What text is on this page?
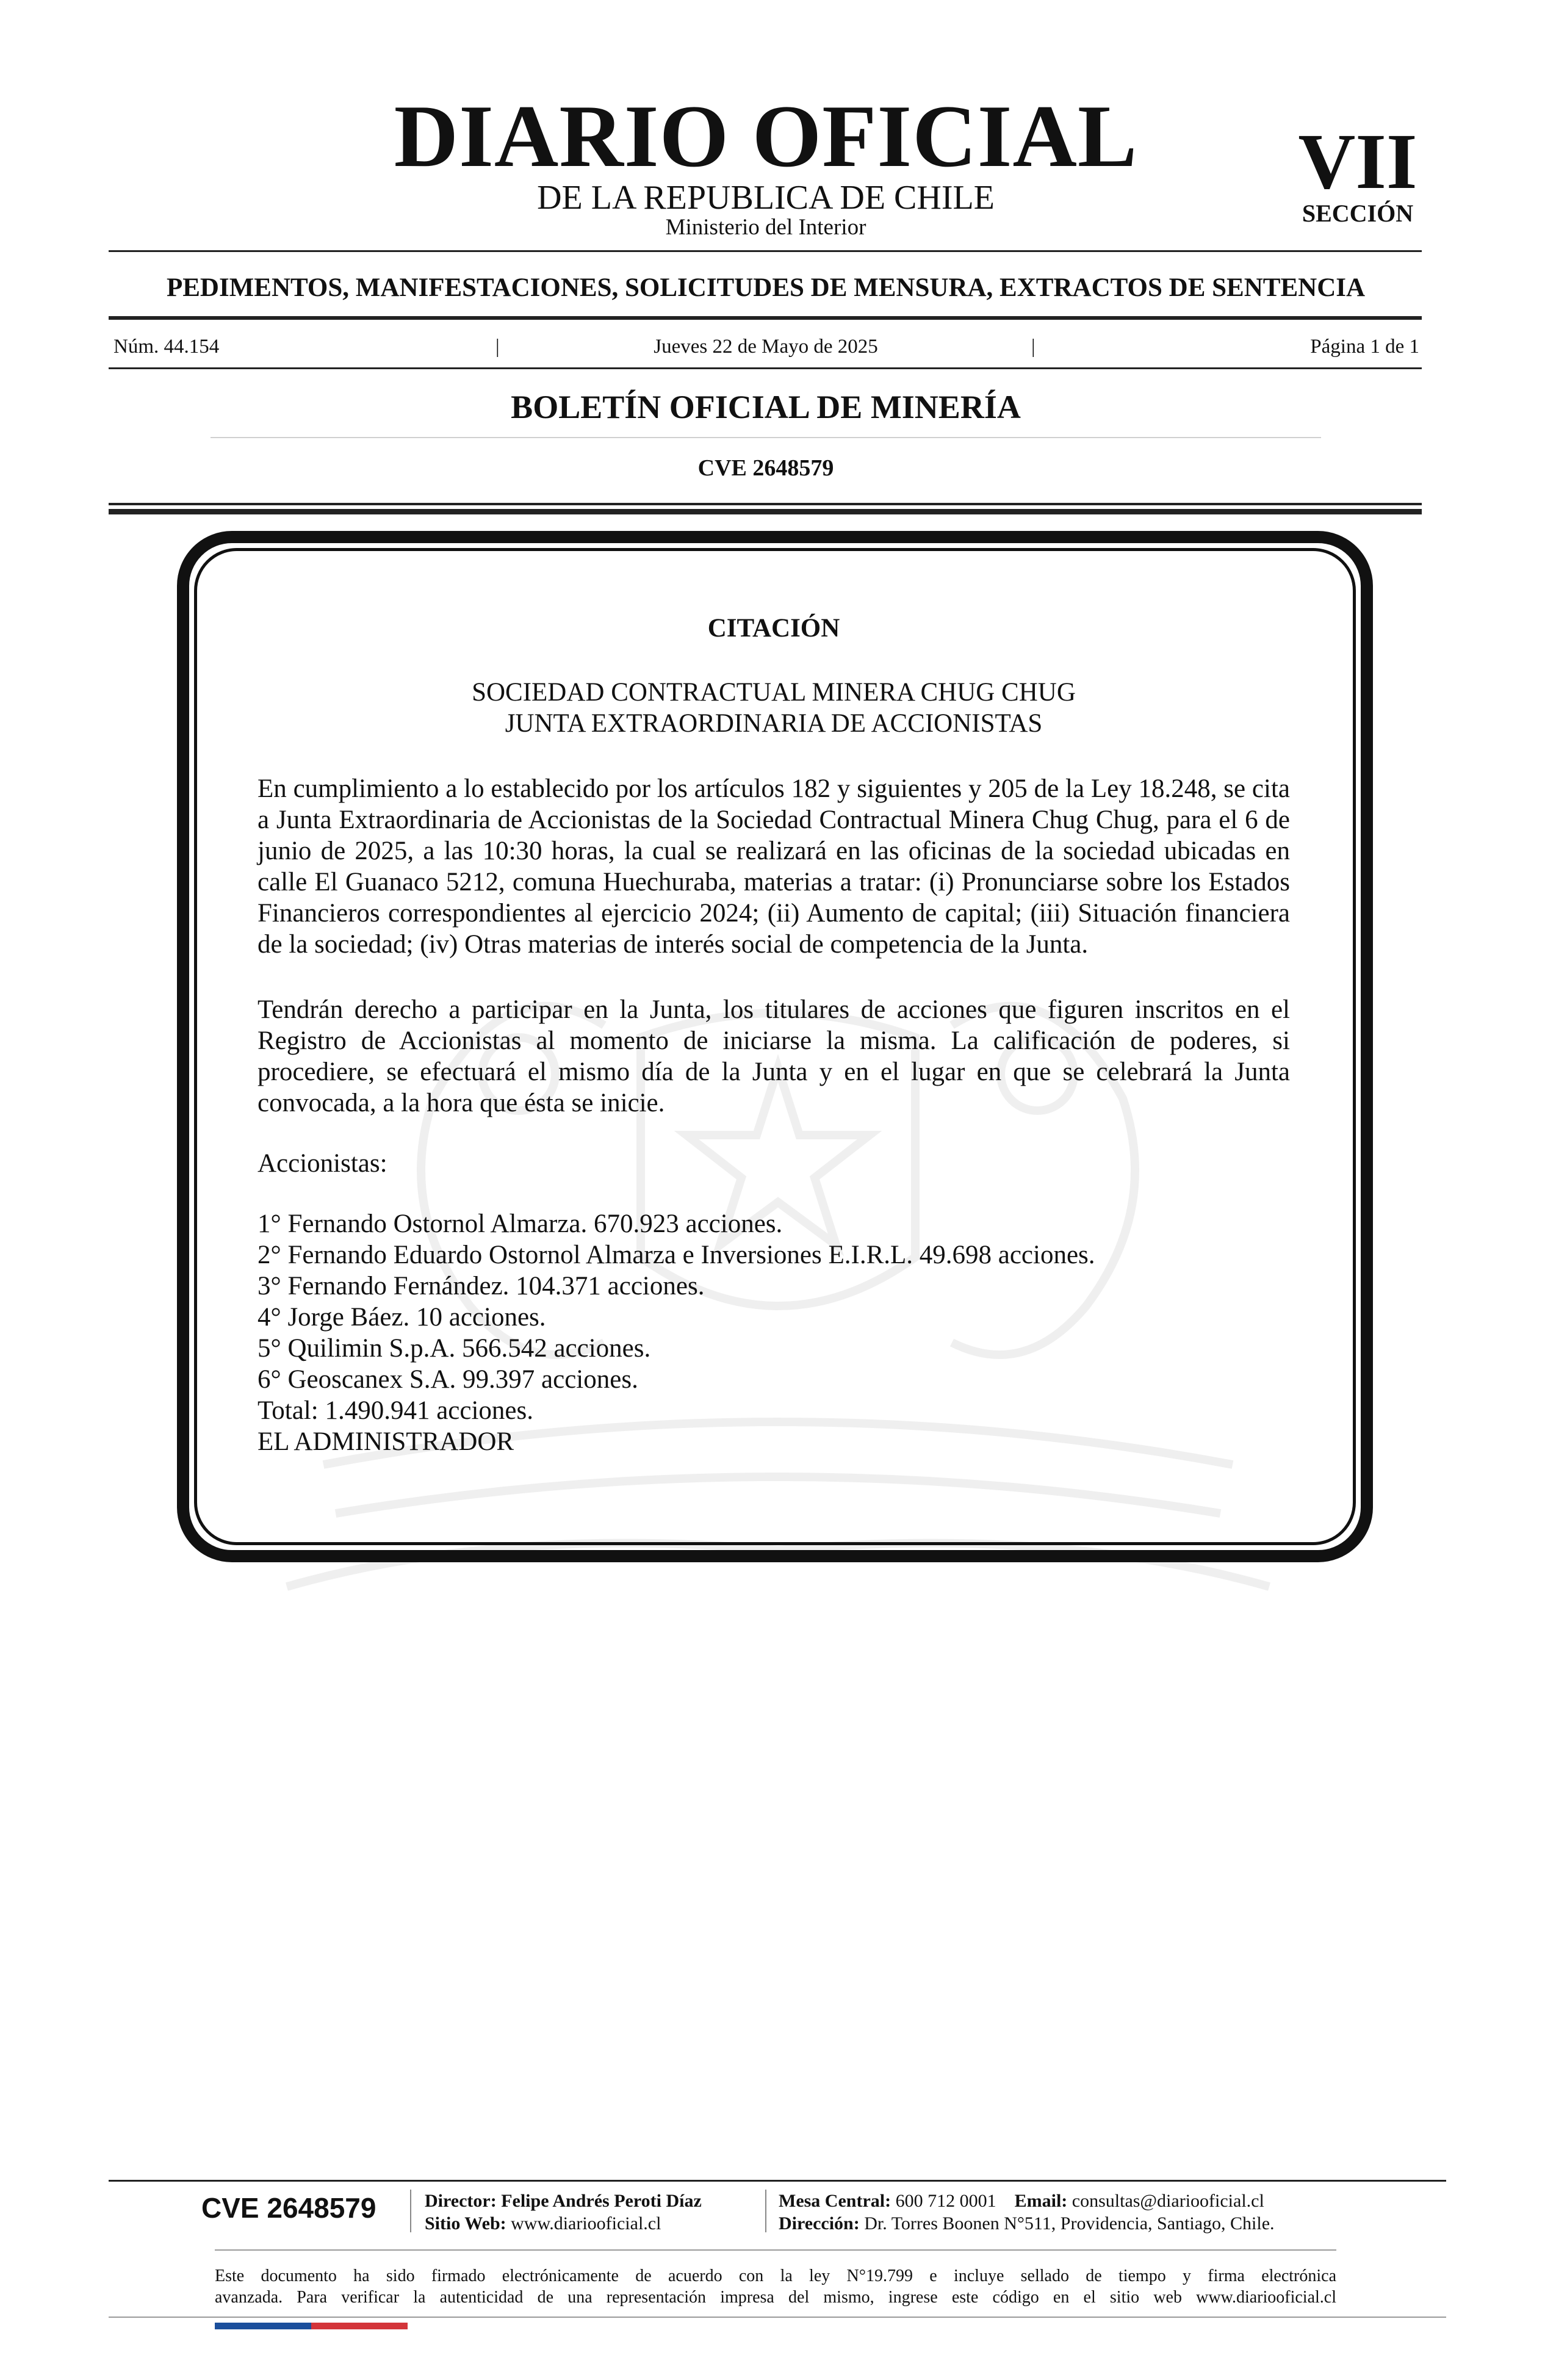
DIARIO OFICIAL
DE LA REPUBLICA DE CHILE
Ministerio del Interior
VII
SECCIÓN
PEDIMENTOS, MANIFESTACIONES, SOLICITUDES DE MENSURA, EXTRACTOS DE SENTENCIA
Núm. 44.154	|	Jueves 22 de Mayo de 2025	|	Página 1 de 1
BOLETÍN OFICIAL DE MINERÍA
CVE 2648579
CITACIÓN
SOCIEDAD CONTRACTUAL MINERA CHUG CHUG
JUNTA EXTRAORDINARIA DE ACCIONISTAS
En cumplimiento a lo establecido por los artículos 182 y siguientes y 205 de la Ley 18.248, se cita a Junta Extraordinaria de Accionistas de la Sociedad Contractual Minera Chug Chug, para el 6 de junio de 2025, a las 10:30 horas, la cual se realizará en las oficinas de la sociedad ubicadas en calle El Guanaco 5212, comuna Huechuraba, materias a tratar: (i) Pronunciarse sobre los Estados Financieros correspondientes al ejercicio 2024; (ii) Aumento de capital; (iii) Situación financiera de la sociedad; (iv) Otras materias de interés social de competencia de la Junta.
Tendrán derecho a participar en la Junta, los titulares de acciones que figuren inscritos en el Registro de Accionistas al momento de iniciarse la misma. La calificación de poderes, si procediere, se efectuará el mismo día de la Junta y en el lugar en que se celebrará la Junta convocada, a la hora que ésta se inicie.
Accionistas:
1° Fernando Ostornol Almarza. 670.923 acciones.
2° Fernando Eduardo Ostornol Almarza e Inversiones E.I.R.L. 49.698 acciones.
3° Fernando Fernández. 104.371 acciones.
4° Jorge Báez. 10 acciones.
5° Quilimin S.p.A. 566.542 acciones.
6° Geoscanex S.A. 99.397 acciones.
Total: 1.490.941 acciones.
EL ADMINISTRADOR
CVE 2648579	Director: Felipe Andrés Peroti Díaz
Sitio Web: www.diariooficial.cl
Mesa Central: 600 712 0001 Email: consultas@diariooficial.cl
Dirección: Dr. Torres Boonen N°511, Providencia, Santiago, Chile.
Este documento ha sido firmado electrónicamente de acuerdo con la ley N°19.799 e incluye sellado de tiempo y firma electrónica
avanzada. Para verificar la autenticidad de una representación impresa del mismo, ingrese este código en el sitio web www.diariooficial.cl
